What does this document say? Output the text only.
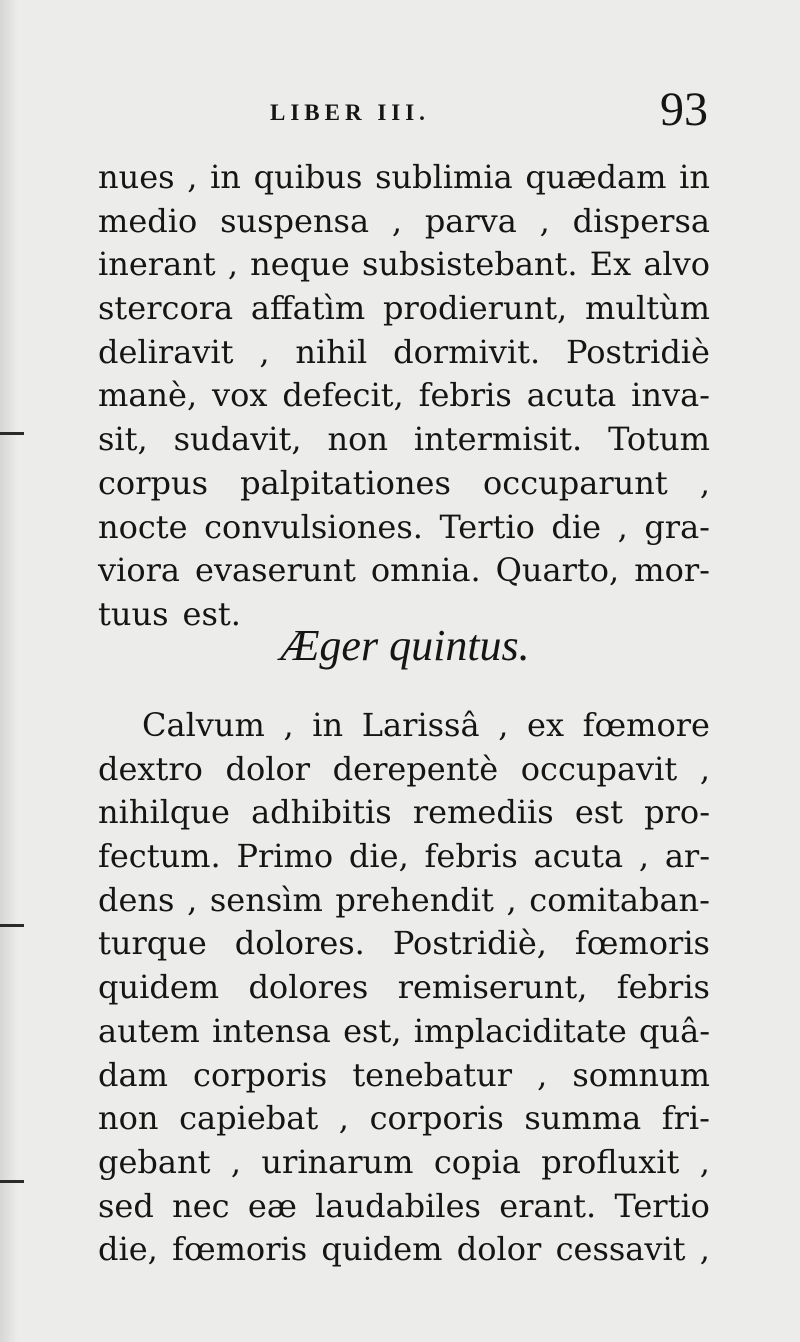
LIBER III.	93
nues , in quibus sublimia quædam in
medio suspensa , parva , dispersa
inerant , neque subsistebant. Ex alvo
stercora affatìm prodierunt, multùm
deliravit , nihil dormivit. Postridiè
manè, vox defecit, febris acuta inva-
sit, sudavit, non intermisit. Totum
corpus palpitationes occuparunt ,
nocte convulsiones. Tertio die , gra-
viora evaserunt omnia. Quarto, mor-
tuus est.
Æger quintus.
Calvum , in Larissâ , ex fœmore
dextro dolor derepentè occupavit ,
nihilque adhibitis remediis est pro-
fectum. Primo die, febris acuta , ar-
dens , sensìm prehendit , comitaban-
turque dolores. Postridiè, fœmoris
quidem dolores remiserunt, febris
autem intensa est, implaciditate quâ-
dam corporis tenebatur , somnum
non capiebat , corporis summa fri-
gebant , urinarum copia profluxit ,
sed nec eæ laudabiles erant. Tertio
die, fœmoris quidem dolor cessavit ,
